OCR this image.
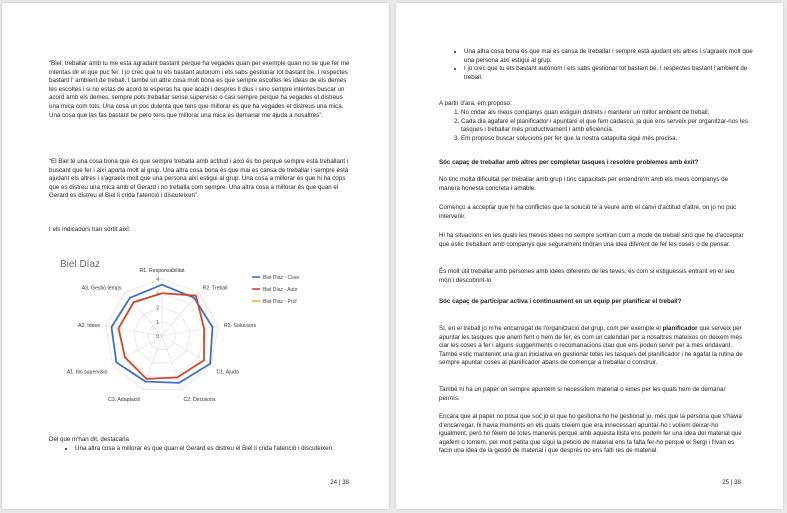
“Biel, treballar amb tu me esta agradant bastant perque ha vegades quan per exemple quan no se que fer me intentas dir el que puc fer. I jo crec que tu ets bastant autonum i ets sabs gestionar tot bastant be. I respectes bastant l' ambient de treball. I tambe un altre cosa molt bona es que sempre escoltes les ideas de els demes les escoltes i si no estas de acord te esperas ha que acabi i despres ll dius i sino sempre intentes buscar un acord amb els demes, sempre pots treballar sense supervisio o casi sempre perque ha vegades et distreus una mica com tots. Una cosa un poc dulenta que tens que millorar es que ha vegades et distreus una mica. Una cosa que las fas bastant be pero tens que millorar una mica es demanar me ajuda a nosaltres”.

“El Biel té una cosa bona que és que sempre treballa amb actitud i això és bo perquè sempre està treballant i buscant que fer i així aporta molt al grup. Una altra cosa bona és que mai es cansa de treballar i sempre està ajudant els altres i s'agraeix molt que una persona així estigui al grup. Una cosa a millorar és que hi ha cops que es distreu una mica amb el Gerard i no treballa com sempre. Una altra cosa a millorar és que quan el Gerard es distreu el Biel li crida l'atenció i discuteixen”.

I els indicadors han sortit així:

Biel Díaz
R1. Responsabilitat
R2. Treball
R3. Solucions
C1. Ajuda
C2. Decisions
C3. Adaptació
A1. No supervisió
A2. Idees
A3. Gestió temps
0
1
2
3
4	Biel Díaz - Coav
Biel Díaz - Auto
Biel Díaz - Prof

Del que m'han dit, destacaria

• Una altra cosa a millorar és que quan el Gerard es distreu el Biel li crida l'atenció i discuteixen.
24 | 38
• Una altra cosa bona és que mai es cansa de treballar i sempre està ajudant els altres i s'agraeix molt que una persona així estigui al grup.
• I jo crec que tu ets bastant autònom i ets sabs gestionar tot bastant bé. I respectes bastant l'ambient de treball.

A partir d'ara, em proposo:

1. No cridar als meus companys quan estiguin distrets i mantenir un millor ambient de treball.
2. Cada dia agafaré el planificador i apuntaré el que fem cadascú, ja que ens serveix per organitzar-nos les tasques i treballar més productivament i amb eficiència.
3. Em proposo buscar solucions per fer que la nostra catapulta sigui més precisa.

Sóc capaç de treballar amb altres per completar tasques i resoldre problemes amb èxit?

No tinc molta dificultat per treballar amb grup i tinc capacitats per entendre'm amb els meus companys de manera honesta concreta i amable.

Començo a acceptar que hi ha conflictes que la solució té a veure amb el canvi d'actitud d'altre, on jo no puc intervenir.

Hi ha situacions en les quals les meves idees no sempre sortiran com a mode de treball sinó que he d'acceptar que estic treballant amb companys que segurament tindran una idea diferent de fer les coses o de pensar.

És molt útil treballar amb persones amb idees diferents de les teves, és com si estiguessis entrant en el seu món i descobrint-lo

Sóc capaç de participar activa i continuament en un equip per planificar el treball?

Sí, en el treball jo m'he encarregat de l'organització del grup, com per exemple el planificador que serveix per apuntar les tasques que anem fent o hem de fer, és com un calendari per a nosaltres mateixos on deixem més clar les coses a fer i alguns suggeriments o recomanacions clau que ens poden servir per a més endavant. També estic mantenint una gran iniciativa en gestionar totes les tasques del planificador i he agafat la rutina de sempre apuntar coses al planificador abans de començar a treballar o construir.

També hi ha un paper on sempre apuntem si necessitem material o eines per les quals hem de demanar permís.

Encara que al paper no posa que soc jo el que ho gestiona ho he gestionat jo, més que la persona que s'havia d'encarregar, hi havia moments en els quals creiem que era innecessari apuntar-ho i volíem deixar-ho igualment, però ho fèiem de totes maneres perquè amb aquesta llista ens podem fer una idea del material que agafem o tornem, per molt petita que sigui la petició de material ens fa falta fer-ho perquè el Sergi i l'Ivan es facin una idea de la gestió de material i que després no ens falti res de material.

25 | 38
